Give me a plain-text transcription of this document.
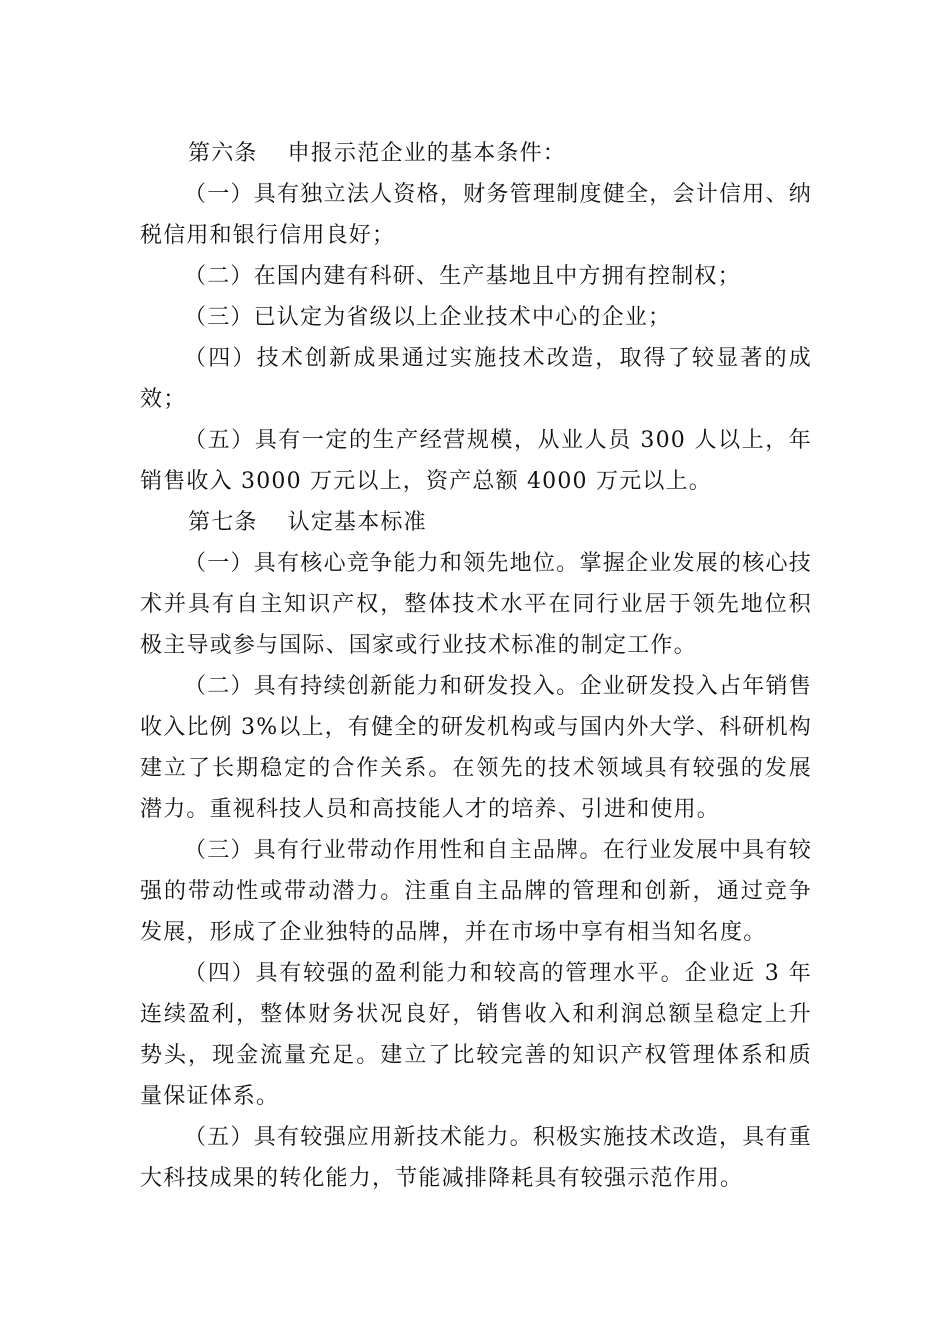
第六条 申报示范企业的基本条件：

（一）具有独立法人资格，财务管理制度健全，会计信用、纳税信用和银行信用良好；

（二）在国内建有科研、生产基地且中方拥有控制权；

（三）已认定为省级以上企业技术中心的企业；

（四）技术创新成果通过实施技术改造，取得了较显著的成效；

（五）具有一定的生产经营规模，从业人员 300 人以上，年销售收入 3000 万元以上，资产总额 4000 万元以上。

第七条 认定基本标准

（一）具有核心竞争能力和领先地位。掌握企业发展的核心技术并具有自主知识产权，整体技术水平在同行业居于领先地位积极主导或参与国际、国家或行业技术标准的制定工作。

（二）具有持续创新能力和研发投入。企业研发投入占年销售收入比例 3%以上，有健全的研发机构或与国内外大学、科研机构建立了长期稳定的合作关系。在领先的技术领域具有较强的发展潜力。重视科技人员和高技能人才的培养、引进和使用。

（三）具有行业带动作用性和自主品牌。在行业发展中具有较强的带动性或带动潜力。注重自主品牌的管理和创新，通过竞争发展，形成了企业独特的品牌，并在市场中享有相当知名度。

（四）具有较强的盈利能力和较高的管理水平。企业近 3 年连续盈利，整体财务状况良好，销售收入和利润总额呈稳定上升势头，现金流量充足。建立了比较完善的知识产权管理体系和质量保证体系。

（五）具有较强应用新技术能力。积极实施技术改造，具有重大科技成果的转化能力，节能减排降耗具有较强示范作用。
